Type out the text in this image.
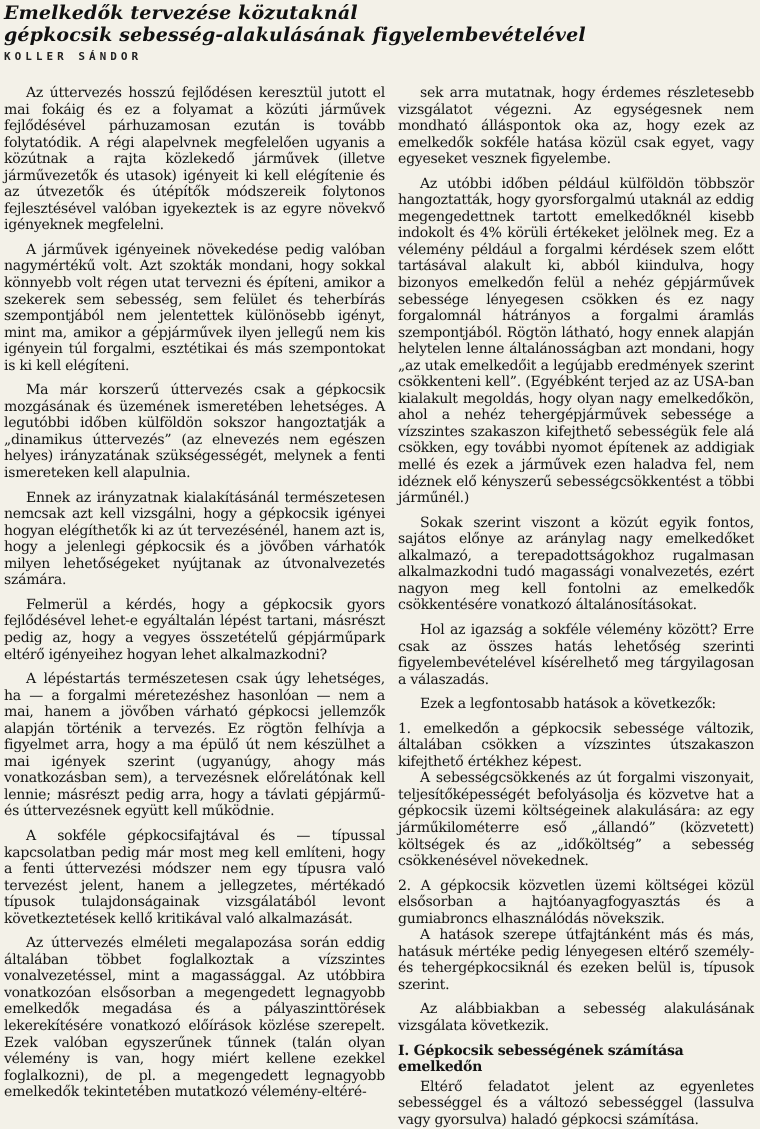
Emelkedők tervezése közutaknál
gépkocsik sebesség-alakulásának figyelembevételével
KOLLER SÁNDOR

Az úttervezés hosszú fejlődésen keresztül jutott el mai fokáig és ez a folyamat a közúti járművek fejlődésével párhuzamosan ezután is tovább folytatódik. A régi alapelvnek megfelelően ugyanis a közútnak a rajta közlekedő járművek (illetve járművezetők és utasok) igényeit ki kell elégítenie és az útvezetők és útépítők módszereik folytonos fejlesztésével valóban igyekeztek is az egyre növekvő igényeknek megfelelni.

A járművek igényeinek növekedése pedig valóban nagymértékű volt. Azt szokták mondani, hogy sokkal könnyebb volt régen utat tervezni és építeni, amikor a szekerek sem sebesség, sem felület és teherbírás szempontjából nem jelentettek különösebb igényt, mint ma, amikor a gépjárművek ilyen jellegű nem kis igényein túl forgalmi, esztétikai és más szempontokat is ki kell elégíteni.

Ma már korszerű úttervezés csak a gépkocsik mozgásának és üzemének ismeretében lehetséges. A legutóbbi időben külföldön sokszor hangoztatják a „dinamikus úttervezés” (az elnevezés nem egészen helyes) irányzatának szükségességét, melynek a fenti ismereteken kell alapulnia.

Ennek az irányzatnak kialakításánál természetesen nemcsak azt kell vizsgálni, hogy a gépkocsik igényei hogyan elégíthetők ki az út tervezésénél, hanem azt is, hogy a jelenlegi gépkocsik és a jövőben várhatók milyen lehetőségeket nyújtanak az útvonalvezetés számára.

Felmerül a kérdés, hogy a gépkocsik gyors fejlődésével lehet-e egyáltalán lépést tartani, másrészt pedig az, hogy a vegyes összetételű gépjárműpark eltérő igényeihez hogyan lehet alkalmazkodni?

A lépéstartás természetesen csak úgy lehetséges, ha — a forgalmi méretezéshez hasonlóan — nem a mai, hanem a jövőben várható gépkocsi jellemzők alapján történik a tervezés. Ez rögtön felhívja a figyelmet arra, hogy a ma épülő út nem készülhet a mai igények szerint (ugyanúgy, ahogy más vonatkozásban sem), a tervezésnek előrelátónak kell lennie; másrészt pedig arra, hogy a távlati gépjármű- és úttervezésnek együtt kell működnie.

A sokféle gépkocsifajtával és — típussal kapcsolatban pedig már most meg kell említeni, hogy a fenti úttervezési módszer nem egy típusra való tervezést jelent, hanem a jellegzetes, mértékadó típusok tulajdonságainak vizsgálatából levont következtetések kellő kritikával való alkalmazását.

Az úttervezés elméleti megalapozása során eddig általában többet foglalkoztak a vízszintes vonalvezetéssel, mint a magassággal. Az utóbbira vonatkozóan elsősorban a megengedett legnagyobb emelkedők megadása és a pályaszinttörések lekerekítésére vonatkozó előírások közlése szerepelt. Ezek valóban egyszerűnek tűnnek (talán olyan vélemény is van, hogy miért kellene ezekkel foglalkozni), de pl. a megengedett legnagyobb emelkedők tekintetében mutatkozó vélemény-eltéré-

sek arra mutatnak, hogy érdemes részletesebb vizsgálatot végezni. Az egységesnek nem mondható álláspontok oka az, hogy ezek az emelkedők sokféle hatása közül csak egyet, vagy egyeseket vesznek figyelembe.

Az utóbbi időben például külföldön többször hangoztatták, hogy gyorsforgalmú utaknál az eddig megengedettnek tartott emelkedőknél kisebb indokolt és 4% körüli értékeket jelölnek meg. Ez a vélemény például a forgalmi kérdések szem előtt tartásával alakult ki, abból kiindulva, hogy bizonyos emelkedőn felül a nehéz gépjárművek sebessége lényegesen csökken és ez nagy forgalomnál hátrányos a forgalmi áramlás szempontjából. Rögtön látható, hogy ennek alapján helytelen lenne általánosságban azt mondani, hogy „az utak emelkedőit a legújabb eredmények szerint csökkenteni kell”. (Egyébként terjed az az USA-ban kialakult megoldás, hogy olyan nagy emelkedőkön, ahol a nehéz tehergépjárművek sebessége a vízszintes szakaszon kifejthető sebességük fele alá csökken, egy további nyomot építenek az addigiak mellé és ezek a járművek ezen haladva fel, nem idéznek elő kényszerű sebességcsökkentést a többi járműnél.)

Sokak szerint viszont a közút egyik fontos, sajátos előnye az aránylag nagy emelkedőket alkalmazó, a terepadottságokhoz rugalmasan alkalmazkodni tudó magassági vonalvezetés, ezért nagyon meg kell fontolni az emelkedők csökkentésére vonatkozó általánosításokat.

Hol az igazság a sokféle vélemény között? Erre csak az összes hatás lehetőség szerinti figyelembevételével kísérelhető meg tárgyilagosan a válaszadás.

Ezek a legfontosabb hatások a következők:

1. emelkedőn a gépkocsik sebessége változik, általában csökken a vízszintes útszakaszon kifejthető értékhez képest.

A sebességcsökkenés az út forgalmi viszonyait, teljesítőképességét befolyásolja és közvetve hat a gépkocsik üzemi költségeinek alakulására: az egy járműkilométerre eső „állandó” (közvetett) költségek és az „időköltség” a sebesség csökkenésével növekednek.

2. A gépkocsik közvetlen üzemi költségei közül elsősorban a hajtóanyagfogyasztás és a gumiabroncs elhasználódás növekszik.

A hatások szerepe útfajtánként más és más, hatásuk mértéke pedig lényegesen eltérő személy- és tehergépkocsiknál és ezeken belül is, típusok szerint.

Az alábbiakban a sebesség alakulásának vizsgálata következik.

I. Gépkocsik sebességének számítása emelkedőn

Eltérő feladatot jelent az egyenletes sebességgel és a változó sebességgel (lassulva vagy gyorsulva) haladó gépkocsi számítása.
